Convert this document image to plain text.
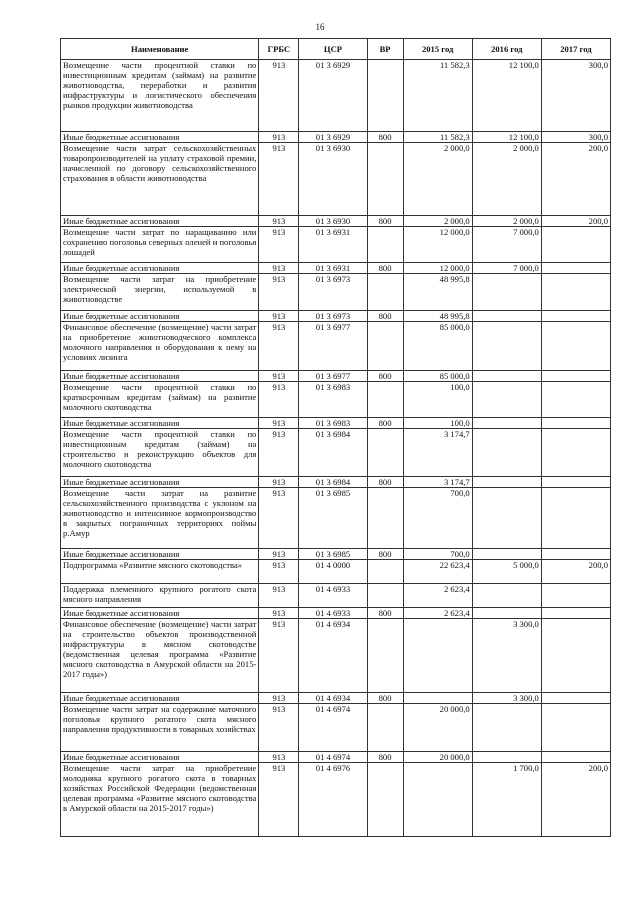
16
Наименование	ГРБС	ЦСР	ВР	2015 год	2016 год	2017 год
Возмещение части процентной ставки по инвестиционным кредитам (займам) на развитие животноводства, переработки и развития инфраструктуры и логистического обеспечения рынков продукции животноводства	913	01 3 6929		11 582,3	12 100,0	300,0
Иные бюджетные ассигнования	913	01 3 6929	800	11 582,3	12 100,0	300,0
Возмещение части затрат сельскохозяйственных товаропроизводителей на уплату страховой премии, начисленной по договору сельскохозяйственного страхования в области животноводства	913	01 3 6930		2 000,0	2 000,0	200,0
Иные бюджетные ассигнования	913	01 3 6930	800	2 000,0	2 000,0	200,0
Возмещение части затрат по наращиванию или сохранению поголовья северных оленей и поголовья лошадей	913	01 3 6931		12 000,0	7 000,0	
Иные бюджетные ассигнования	913	01 3 6931	800	12 000,0	7 000,0	
Возмещение части затрат на приобретение электрической энергии, используемой в животноводстве	913	01 3 6973		48 995,8		
Иные бюджетные ассигнования	913	01 3 6973	800	48 995,8		
Финансовое обеспечение (возмещение) части затрат на приобретение животноводческого комплекса молочного направления и оборудования к нему на условиях лизинга	913	01 3 6977		85 000,0		
Иные бюджетные ассигнования	913	01 3 6977	800	85 000,0		
Возмещение части процентной ставки по краткосрочным кредитам (займам) на развитие молочного скотоводства	913	01 3 6983		100,0		
Иные бюджетные ассигнования	913	01 3 6983	800	100,0		
Возмещение части процентной ставки по инвестиционным кредитам (займам) на строительство и реконструкцию объектов для молочного скотоводства	913	01 3 6984		3 174,7		
Иные бюджетные ассигнования	913	01 3 6984	800	3 174,7		
Возмещение части затрат на развитие сельскохозяйственного производства с уклоном на животноводство и интенсивное кормопроизводство в закрытых пограничных территориях поймы р.Амур	913	01 3 6985		700,0		
Иные бюджетные ассигнования	913	01 3 6985	800	700,0		
Подпрограмма «Развитие мясного скотоводства»	913	01 4 0000		22 623,4	5 000,0	200,0
Поддержка племенного крупного рогатого скота мясного направления	913	01 4 6933		2 623,4		
Иные бюджетные ассигнования	913	01 4 6933	800	2 623,4		
Финансовое обеспечение (возмещение) части затрат на строительство объектов производственной инфраструктуры в мясном скотоводстве (ведомственная целевая программа «Развитие мясного скотоводства в Амурской области на 2015-2017 годы»)	913	01 4 6934			3 300,0	
Иные бюджетные ассигнования	913	01 4 6934	800		3 300,0	
Возмещение части затрат на содержание маточного поголовья крупного рогатого скота мясного направления продуктивности в товарных хозяйствах	913	01 4 6974		20 000,0		
Иные бюджетные ассигнования	913	01 4 6974	800	20 000,0		
Возмещение части затрат на приобретение молодняка крупного рогатого скота в товарных хозяйствах Российской Федерации (ведомственная целевая программа «Развитие мясного скотоводства в Амурской области на 2015-2017 годы»)	913	01 4 6976			1 700,0	200,0
